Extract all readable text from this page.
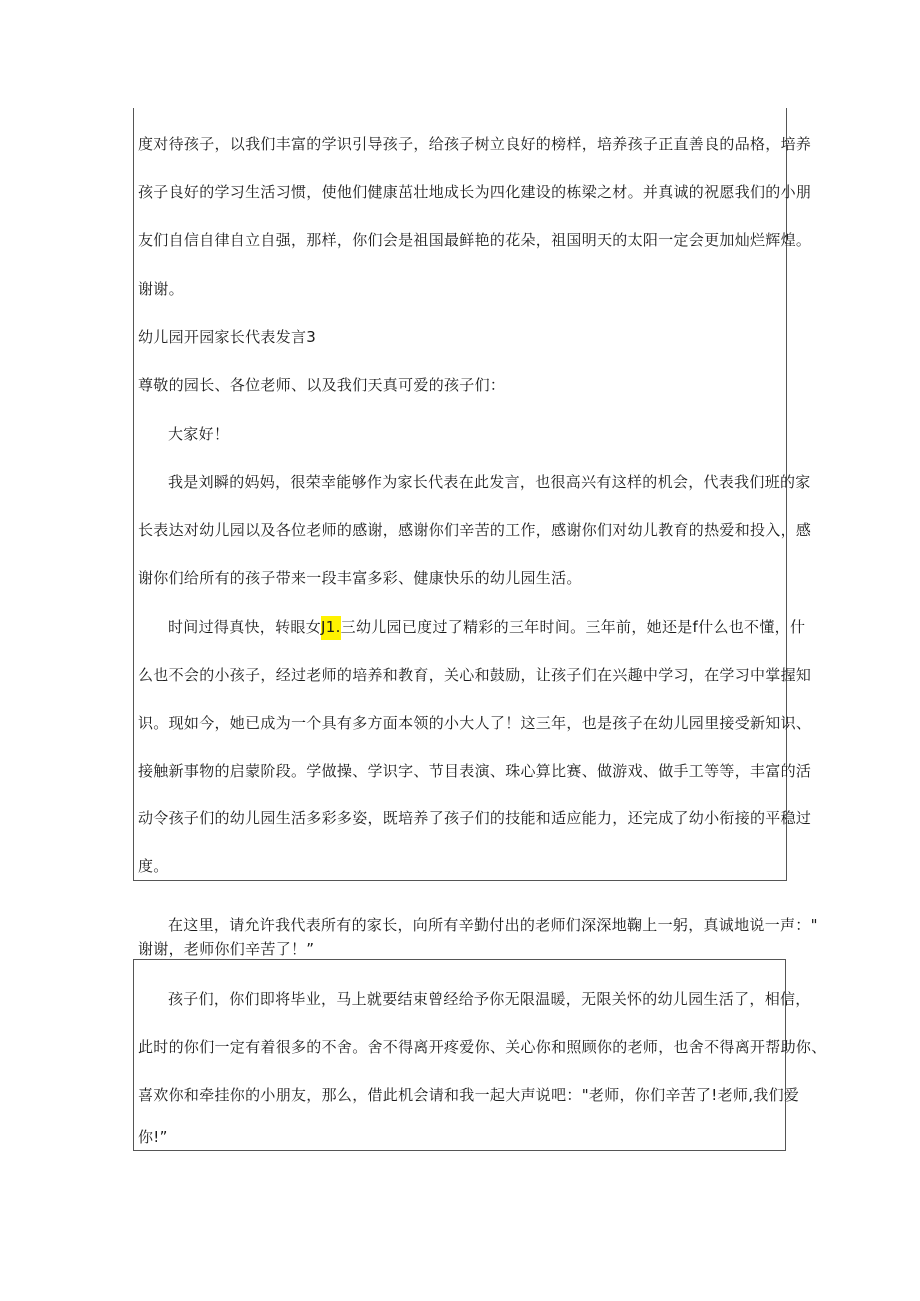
度对待孩子，以我们丰富的学识引导孩子，给孩子树立良好的榜样，培养孩子正直善良的品格，培养
孩子良好的学习生活习惯，使他们健康茁壮地成长为四化建设的栋梁之材。并真诚的祝愿我们的小朋
友们自信自律自立自强，那样，你们会是祖国最鲜艳的花朵，祖国明天的太阳一定会更加灿烂辉煌。
谢谢。
幼儿园开园家长代表发言3
尊敬的园长、各位老师、以及我们天真可爱的孩子们：
大家好！
我是刘瞬的妈妈，很荣幸能够作为家长代表在此发言，也很高兴有这样的机会，代表我们班的家
长表达对幼儿园以及各位老师的感谢，感谢你们辛苦的工作，感谢你们对幼儿教育的热爱和投入，感
谢你们给所有的孩子带来一段丰富多彩、健康快乐的幼儿园生活。
时间过得真快，转眼女J1.三幼儿园已度过了精彩的三年时间。三年前，她还是f什么也不懂，什
么也不会的小孩子，经过老师的培养和教育，关心和鼓励，让孩子们在兴趣中学习，在学习中掌握知
识。现如今，她已成为一个具有多方面本领的小大人了！这三年，也是孩子在幼儿园里接受新知识、
接触新事物的启蒙阶段。学做操、学识字、节目表演、珠心算比赛、做游戏、做手工等等，丰富的活
动令孩子们的幼儿园生活多彩多姿，既培养了孩子们的技能和适应能力，还完成了幼小衔接的平稳过
度。
在这里，请允许我代表所有的家长，向所有辛勤付出的老师们深深地鞠上一躬，真诚地说一声："
谢谢，老师你们辛苦了！”
孩子们，你们即将毕业，马上就要结束曾经给予你无限温暖，无限关怀的幼儿园生活了，相信，
此时的你们一定有着很多的不舍。舍不得离开疼爱你、关心你和照顾你的老师，也舍不得离开帮助你、
喜欢你和牵挂你的小朋友，那么，借此机会请和我一起大声说吧："老师，你们辛苦了!老师,我们爱
你!”
